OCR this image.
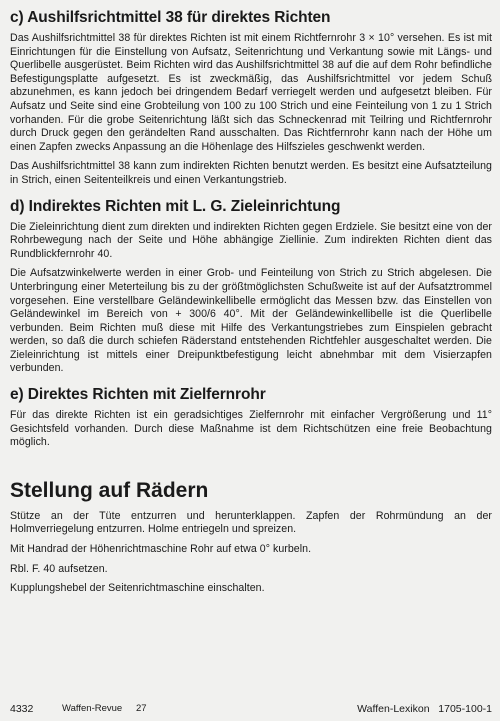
c) Aushilfsrichtmittel 38 für direktes Richten

Das Aushilfsrichtmittel 38 für direktes Richten ist mit einem Richtfernrohr 3 × 10° versehen. Es ist mit Einrichtungen für die Einstellung von Aufsatz, Seitenrichtung und Verkantung sowie mit Längs- und Querlibelle ausgerüstet. Beim Richten wird das Aushilfsrichtmittel 38 auf die auf dem Rohr befindliche Befestigungsplatte aufgesetzt. Es ist zweckmäßig, das Aushilfsrichtmittel vor jedem Schuß abzunehmen, es kann jedoch bei dringendem Bedarf verriegelt werden und aufgesetzt bleiben. Für Aufsatz und Seite sind eine Grobteilung von 100 zu 100 Strich und eine Feinteilung von 1 zu 1 Strich vorhanden. Für die grobe Seitenrichtung läßt sich das Schneckenrad mit Teilring und Richtfernrohr durch Druck gegen den gerändelten Rand ausschalten. Das Richtfernrohr kann nach der Höhe um einen Zapfen zwecks Anpassung an die Höhenlage des Hilfszieles geschwenkt werden.

Das Aushilfsrichtmittel 38 kann zum indirekten Richten benutzt werden. Es besitzt eine Aufsatzteilung in Strich, einen Seitenteilkreis und einen Verkantungstrieb.

d) Indirektes Richten mit L. G. Zieleinrichtung

Die Zieleinrichtung dient zum direkten und indirekten Richten gegen Erdziele. Sie besitzt eine von der Rohrbewegung nach der Seite und Höhe abhängige Ziellinie. Zum indirekten Richten dient das Rundblickfernrohr 40.

Die Aufsatzwinkelwerte werden in einer Grob- und Feinteilung von Strich zu Strich abgelesen. Die Unterbringung einer Meterteilung bis zu der größtmöglichsten Schußweite ist auf der Aufsatztrommel vorgesehen. Eine verstellbare Geländewinkellibelle ermöglicht das Messen bzw. das Einstellen von Geländewinkel im Bereich von + 300/6 40°. Mit der Geländewinkellibelle ist die Querlibelle verbunden. Beim Richten muß diese mit Hilfe des Verkantungstriebes zum Einspielen gebracht werden, so daß die durch schiefen Räderstand entstehenden Richtfehler ausgeschaltet werden. Die Zieleinrichtung ist mittels einer Dreipunktbefestigung leicht abnehmbar mit dem Visierzapfen verbunden.

e) Direktes Richten mit Zielfernrohr

Für das direkte Richten ist ein geradsichtiges Zielfernrohr mit einfacher Vergrößerung und 11° Gesichtsfeld vorhanden. Durch diese Maßnahme ist dem Richtschützen eine freie Beobachtung möglich.

Stellung auf Rädern

Stütze an der Tüte entzurren und herunterklappen. Zapfen der Rohrmündung an der Holmverriegelung entzurren. Holme entriegeln und spreizen.

Mit Handrad der Höhenrichtmaschine Rohr auf etwa 0° kurbeln.

Rbl. F. 40 aufsetzen.

Kupplungshebel der Seitenrichtmaschine einschalten.

4332	Waffen-Revue 27	Waffen-Lexikon   1705-100-1
